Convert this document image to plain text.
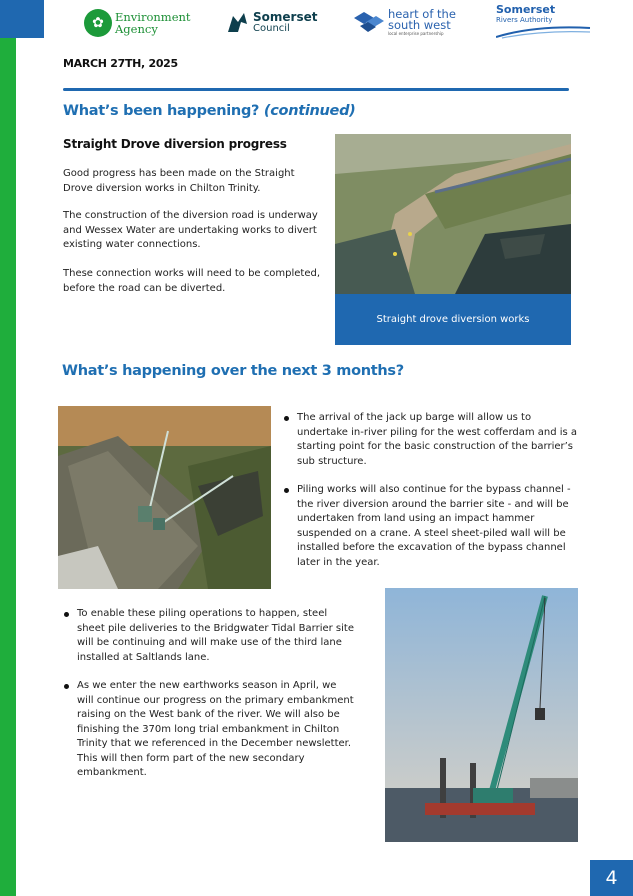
✿ Environment
Agency
Somerset
Council
heart of the
south west
local enterprise partnership
Somerset
Rivers Authority
MARCH 27TH, 2025
What’s been happening? (continued)
Straight Drove diversion progress

Good progress has been made on the Straight Drove diversion works in Chilton Trinity.

The construction of the diversion road is underway and Wessex Water are undertaking works to divert existing water connections.

These connection works will need to be completed, before the road can be diverted.

Straight drove diversion works
What’s happening over the next 3 months?
The arrival of the jack up barge will allow us to undertake in-river piling for the west cofferdam and is a starting point for the basic construction of the barrier’s sub structure.
Piling works will also continue for the bypass channel - the river diversion around the barrier site - and will be undertaken from land using an impact hammer suspended on a crane. A steel sheet-piled wall will be installed before the excavation of the bypass channel later in the year.
To enable these piling operations to happen, steel sheet pile deliveries to the Bridgwater Tidal Barrier site will be continuing and will make use of the third lane installed at Saltlands lane.
As we enter the new earthworks season in April, we will continue our progress on the primary embankment raising on the West bank of the river. We will also be finishing the 370m long trial embankment in Chilton Trinity that we referenced in the December newsletter. This will then form part of the new secondary embankment.
4
